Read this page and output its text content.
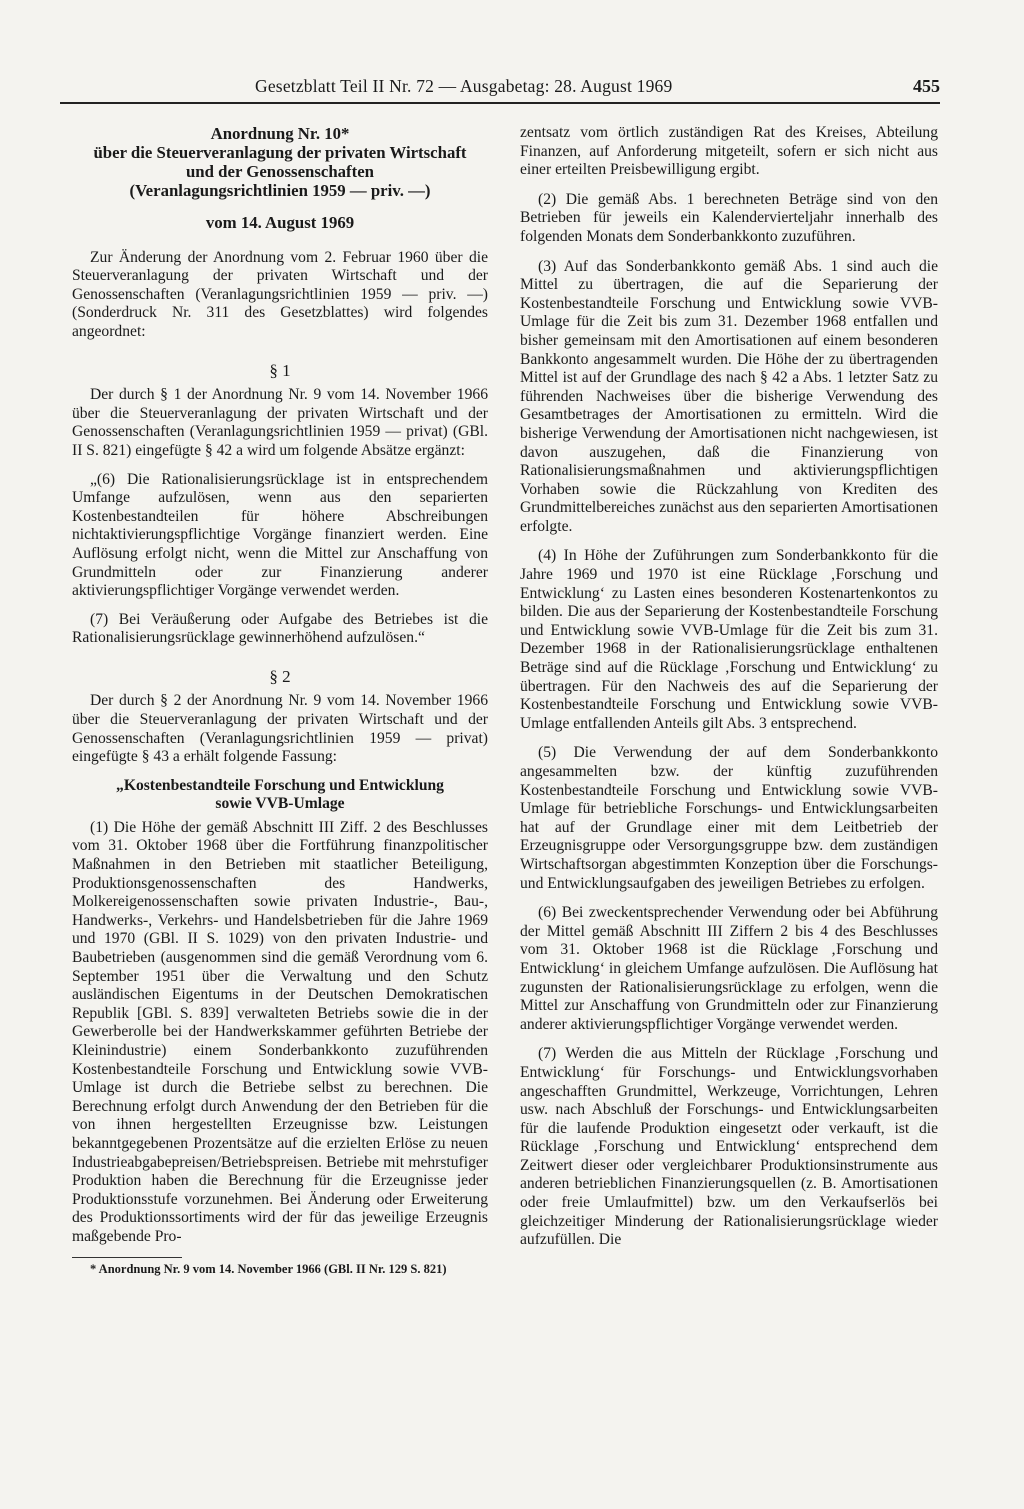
Gesetzblatt Teil II Nr. 72 — Ausgabetag: 28. August 1969	455
Anordnung Nr. 10*
über die Steuerveranlagung der privaten Wirtschaft
und der Genossenschaften
(Veranlagungsrichtlinien 1959 — priv. —)
vom 14. August 1969

Zur Änderung der Anordnung vom 2. Februar 1960 über die Steuerveranlagung der privaten Wirtschaft und der Genossenschaften (Veranlagungsrichtlinien 1959 — priv. —) (Sonderdruck Nr. 311 des Gesetzblattes) wird folgendes angeordnet:

§ 1

Der durch § 1 der Anordnung Nr. 9 vom 14. November 1966 über die Steuerveranlagung der privaten Wirtschaft und der Genossenschaften (Veranlagungsrichtlinien 1959 — privat) (GBl. II S. 821) eingefügte § 42 a wird um folgende Absätze ergänzt:

„(6) Die Rationalisierungsrücklage ist in entsprechendem Umfange aufzulösen, wenn aus den separierten Kostenbestandteilen für höhere Abschreibungen nichtaktivierungspflichtige Vorgänge finanziert werden. Eine Auflösung erfolgt nicht, wenn die Mittel zur Anschaffung von Grundmitteln oder zur Finanzierung anderer aktivierungspflichtiger Vorgänge verwendet werden.

(7) Bei Veräußerung oder Aufgabe des Betriebes ist die Rationalisierungsrücklage gewinnerhöhend aufzulösen.“

§ 2

Der durch § 2 der Anordnung Nr. 9 vom 14. November 1966 über die Steuerveranlagung der privaten Wirtschaft und der Genossenschaften (Veranlagungsrichtlinien 1959 — privat) eingefügte § 43 a erhält folgende Fassung:

„Kostenbestandteile Forschung und Entwicklung
sowie VVB-Umlage

(1) Die Höhe der gemäß Abschnitt III Ziff. 2 des Beschlusses vom 31. Oktober 1968 über die Fortführung finanzpolitischer Maßnahmen in den Betrieben mit staatlicher Beteiligung, Produktionsgenossenschaften des Handwerks, Molkereigenossenschaften sowie privaten Industrie-, Bau-, Handwerks-, Verkehrs- und Handelsbetrieben für die Jahre 1969 und 1970 (GBl. II S. 1029) von den privaten Industrie- und Baubetrieben (ausgenommen sind die gemäß Verordnung vom 6. September 1951 über die Verwaltung und den Schutz ausländischen Eigentums in der Deutschen Demokratischen Republik [GBl. S. 839] verwalteten Betriebs sowie die in der Gewerberolle bei der Handwerkskammer geführten Betriebe der Kleinindustrie) einem Sonderbankkonto zuzuführenden Kostenbestandteile Forschung und Entwicklung sowie VVB-Umlage ist durch die Betriebe selbst zu berechnen. Die Berechnung erfolgt durch Anwendung der den Betrieben für die von ihnen hergestellten Erzeugnisse bzw. Leistungen bekanntgegebenen Prozentsätze auf die erzielten Erlöse zu neuen Industrieabgabepreisen/Betriebspreisen. Betriebe mit mehrstufiger Produktion haben die Berechnung für die Erzeugnisse jeder Produktionsstufe vorzunehmen. Bei Änderung oder Erweiterung des Produktionssortiments wird der für das jeweilige Erzeugnis maßgebende Pro-

* Anordnung Nr. 9 vom 14. November 1966 (GBl. II Nr. 129 S. 821)

zentsatz vom örtlich zuständigen Rat des Kreises, Abteilung Finanzen, auf Anforderung mitgeteilt, sofern er sich nicht aus einer erteilten Preisbewilligung ergibt.

(2) Die gemäß Abs. 1 berechneten Beträge sind von den Betrieben für jeweils ein Kalendervierteljahr innerhalb des folgenden Monats dem Sonderbankkonto zuzuführen.

(3) Auf das Sonderbankkonto gemäß Abs. 1 sind auch die Mittel zu übertragen, die auf die Separierung der Kostenbestandteile Forschung und Entwicklung sowie VVB-Umlage für die Zeit bis zum 31. Dezember 1968 entfallen und bisher gemeinsam mit den Amortisationen auf einem besonderen Bankkonto angesammelt wurden. Die Höhe der zu übertragenden Mittel ist auf der Grundlage des nach § 42 a Abs. 1 letzter Satz zu führenden Nachweises über die bisherige Verwendung des Gesamtbetrages der Amortisationen zu ermitteln. Wird die bisherige Verwendung der Amortisationen nicht nachgewiesen, ist davon auszugehen, daß die Finanzierung von Rationalisierungsmaßnahmen und aktivierungspflichtigen Vorhaben sowie die Rückzahlung von Krediten des Grundmittelbereiches zunächst aus den separierten Amortisationen erfolgte.

(4) In Höhe der Zuführungen zum Sonderbankkonto für die Jahre 1969 und 1970 ist eine Rücklage ‚Forschung und Entwicklung‘ zu Lasten eines besonderen Kostenartenkontos zu bilden. Die aus der Separierung der Kostenbestandteile Forschung und Entwicklung sowie VVB-Umlage für die Zeit bis zum 31. Dezember 1968 in der Rationalisierungsrücklage enthaltenen Beträge sind auf die Rücklage ‚Forschung und Entwicklung‘ zu übertragen. Für den Nachweis des auf die Separierung der Kostenbestandteile Forschung und Entwicklung sowie VVB-Umlage entfallenden Anteils gilt Abs. 3 entsprechend.

(5) Die Verwendung der auf dem Sonderbankkonto angesammelten bzw. der künftig zuzuführenden Kostenbestandteile Forschung und Entwicklung sowie VVB-Umlage für betriebliche Forschungs- und Entwicklungsarbeiten hat auf der Grundlage einer mit dem Leitbetrieb der Erzeugnisgruppe oder Versorgungsgruppe bzw. dem zuständigen Wirtschaftsorgan abgestimmten Konzeption über die Forschungs- und Entwicklungsaufgaben des jeweiligen Betriebes zu erfolgen.

(6) Bei zweckentsprechender Verwendung oder bei Abführung der Mittel gemäß Abschnitt III Ziffern 2 bis 4 des Beschlusses vom 31. Oktober 1968 ist die Rücklage ‚Forschung und Entwicklung‘ in gleichem Umfange aufzulösen. Die Auflösung hat zugunsten der Rationalisierungsrücklage zu erfolgen, wenn die Mittel zur Anschaffung von Grundmitteln oder zur Finanzierung anderer aktivierungspflichtiger Vorgänge verwendet werden.

(7) Werden die aus Mitteln der Rücklage ‚Forschung und Entwicklung‘ für Forschungs- und Entwicklungsvorhaben angeschafften Grundmittel, Werkzeuge, Vorrichtungen, Lehren usw. nach Abschluß der Forschungs- und Entwicklungsarbeiten für die laufende Produktion eingesetzt oder verkauft, ist die Rücklage ‚Forschung und Entwicklung‘ entsprechend dem Zeitwert dieser oder vergleichbarer Produktionsinstrumente aus anderen betrieblichen Finanzierungsquellen (z. B. Amortisationen oder freie Umlaufmittel) bzw. um den Verkaufserlös bei gleichzeitiger Minderung der Rationalisierungsrücklage wieder aufzufüllen. Die
